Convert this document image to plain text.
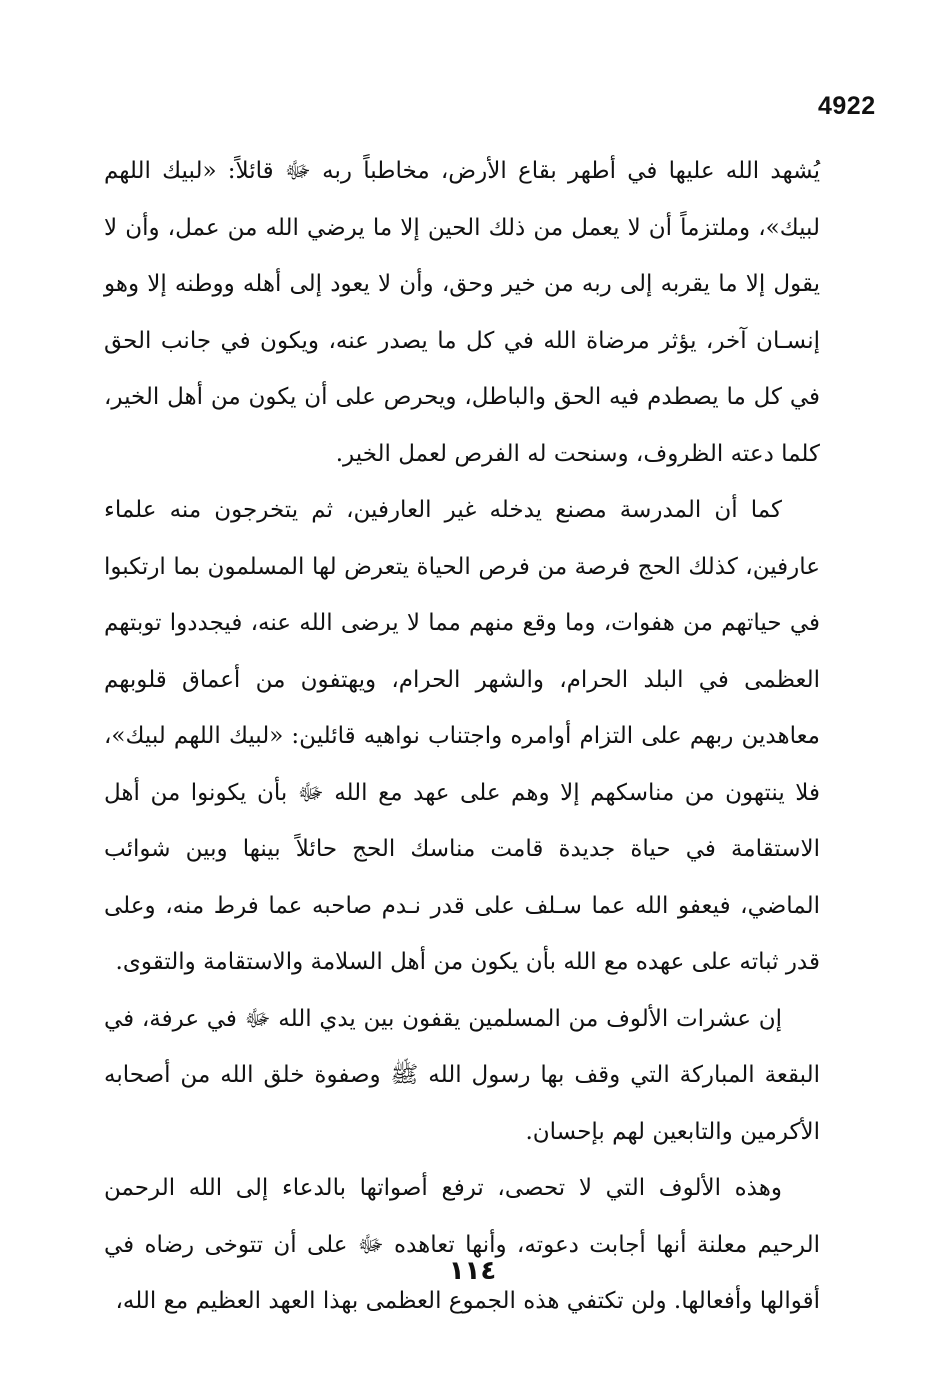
4922

يُشهد الله عليها في أطهر بقاع الأرض، مخاطباً ربه ﷻ قائلاً: «لبيك اللهم لبيك»، وملتزماً أن لا يعمل من ذلك الحين إلا ما يرضي الله من عمل، وأن لا يقول إلا ما يقربه إلى ربه من خير وحق، وأن لا يعود إلى أهله ووطنه إلا وهو إنسـان آخر، يؤثر مرضاة الله في كل ما يصدر عنه، ويكون في جانب الحق في كل ما يصطدم فيه الحق والباطل، ويحرص على أن يكون من أهل الخير، كلما دعته الظروف، وسنحت له الفرص لعمل الخير.

كما أن المدرسة مصنع يدخله غير العارفين، ثم يتخرجون منه علماء عارفين، كذلك الحج فرصة من فرص الحياة يتعرض لها المسلمون بما ارتكبوا في حياتهم من هفوات، وما وقع منهم مما لا يرضى الله عنه، فيجددوا توبتهم العظمى في البلد الحرام، والشهر الحرام، ويهتفون من أعماق قلوبهم معاهدين ربهم على التزام أوامره واجتناب نواهيه قائلين: «لبيك اللهم لبيك»، فلا ينتهون من مناسكهم إلا وهم على عهد مع الله ﷻ بأن يكونوا من أهل الاستقامة في حياة جديدة قامت مناسك الحج حائلاً بينها وبين شوائب الماضي، فيعفو الله عما سـلف على قدر نـدم صاحبه عما فرط منه، وعلى قدر ثباته على عهده مع الله بأن يكون من أهل السلامة والاستقامة والتقوى.

إن عشرات الألوف من المسلمين يقفون بين يدي الله ﷻ في عرفة، في البقعة المباركة التي وقف بها رسول الله ﷺ وصفوة خلق الله من أصحابه الأكرمين والتابعين لهم بإحسان.

وهذه الألوف التي لا تحصى، ترفع أصواتها بالدعاء إلى الله الرحمن الرحيم معلنة أنها أجابت دعوته، وأنها تعاهده ﷻ على أن تتوخى رضاه في أقوالها وأفعالها. ولن تكتفي هذه الجموع العظمى بهذا العهد العظيم مع الله،

١١٤
